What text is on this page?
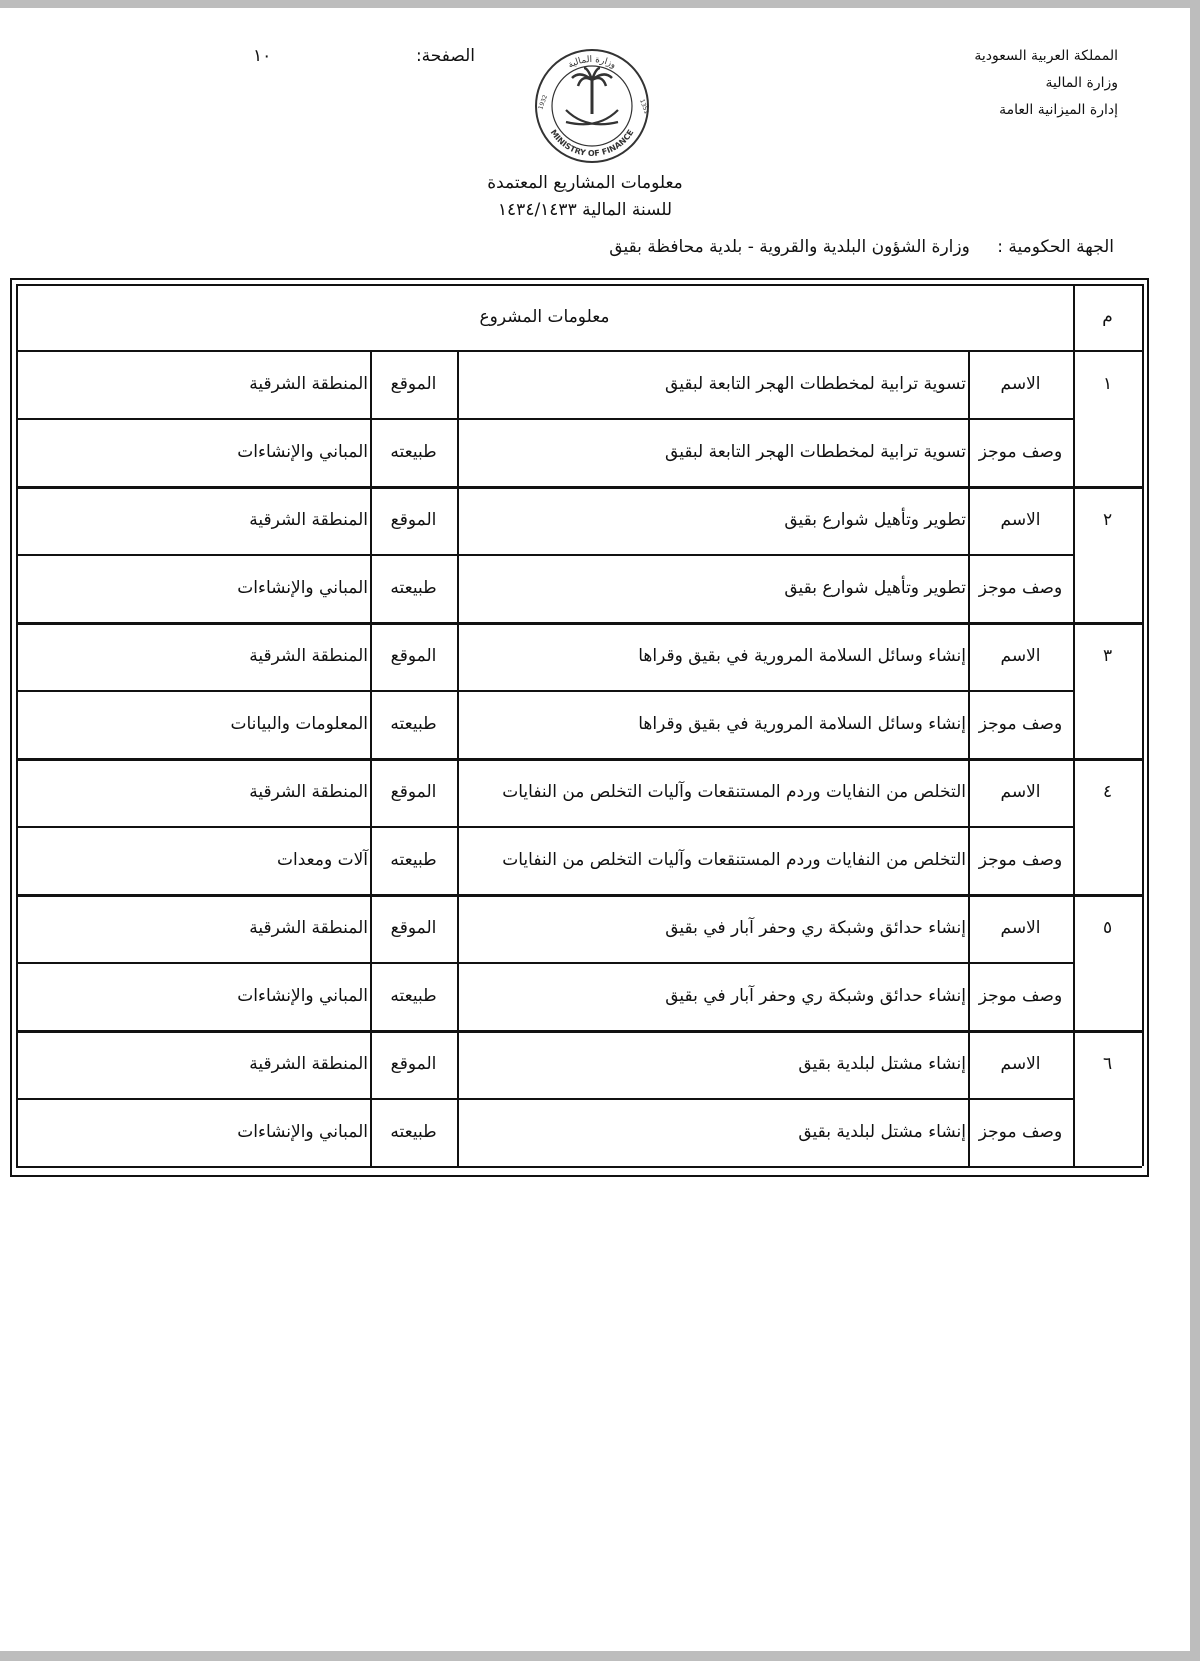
المملكة العربية السعودية
وزارة المالية
إدارة الميزانية العامة
وزارة المالية
MINISTRY OF FINANCE
1932	1351
الصفحة:
١٠
معلومات المشاريع المعتمدة
للسنة المالية ١٤٣٤/١٤٣٣
الجهة الحكومية : وزارة الشؤون البلدية والقروية - بلدية محافظة بقيق
م
معلومات المشروع
١
الاسم
تسوية ترابية لمخططات الهجر التابعة لبقيق
الموقع
المنطقة الشرقية
وصف موجز
تسوية ترابية لمخططات الهجر التابعة لبقيق
طبيعته
المباني والإنشاءات
٢
الاسم
تطوير وتأهيل شوارع بقيق
الموقع
المنطقة الشرقية
وصف موجز
تطوير وتأهيل شوارع بقيق
طبيعته
المباني والإنشاءات
٣
الاسم
إنشاء وسائل السلامة المرورية في بقيق وقراها
الموقع
المنطقة الشرقية
وصف موجز
إنشاء وسائل السلامة المرورية في بقيق وقراها
طبيعته
المعلومات والبيانات
٤
الاسم
التخلص من النفايات وردم المستنقعات وآليات التخلص من النفايات
الموقع
المنطقة الشرقية
وصف موجز
التخلص من النفايات وردم المستنقعات وآليات التخلص من النفايات
طبيعته
آلات ومعدات
٥
الاسم
إنشاء حدائق وشبكة ري وحفر آبار في بقيق
الموقع
المنطقة الشرقية
وصف موجز
إنشاء حدائق وشبكة ري وحفر آبار في بقيق
طبيعته
المباني والإنشاءات
٦
الاسم
إنشاء مشتل لبلدية بقيق
الموقع
المنطقة الشرقية
وصف موجز
إنشاء مشتل لبلدية بقيق
طبيعته
المباني والإنشاءات
